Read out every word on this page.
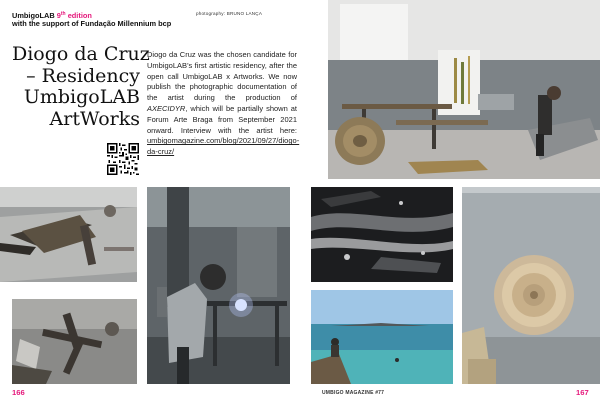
UmbigoLAB 9th edition
with the support of Fundação Millennium bcp
photography: BRUNO LANÇA
Diogo da Cruz
– Residency
UmbigoLAB
ArtWorks
Diogo da Cruz was the chosen candidate for UmbigoLAB’s first artistic residency, after the open call UmbigoLAB x Artworks. We now publish the photographic documentation of the artist during the production of AXECIDYR, which will be partially shown at Forum Arte Braga from September 2021 onward. Interview with the artist here: umbigomagazine.com/blog/2021/09/27/diogo-da-cruz/
166	UMBIGO MAGAZINE #77	167
